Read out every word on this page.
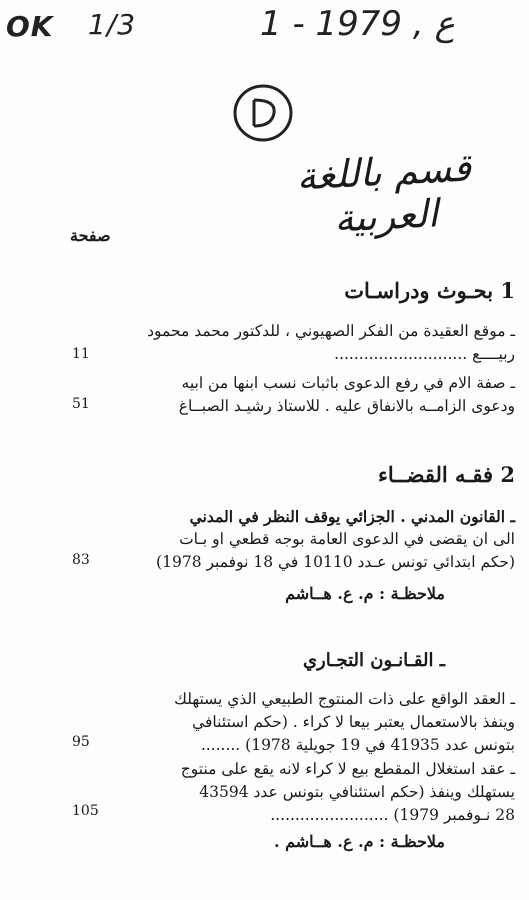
OK 1/3	1 - ع , 1979
قسم باللغة العربية
صفحة
1 بحـوث ودراسـات
ـ موقع العقيدة من الفكر الصهيوني ، للدكتور محمد محمود
ربيــــع ...........................
11
ـ صفة الام في رفع الدعوى باثبات نسب ابنها من ابيه
ودعوى الزامــه بالانفاق عليه . للاستاذ رشيـد الصبــاغ
51
2 فقـه القضــاء
ـ القانون المدني . الجزائي يوقف النظر في المدني
الى ان يقضى في الدعوى العامة بوجه قطعي او بـات
(حكم ابتدائي تونس عـدد 10110 في 18 نوفمبر 1978)
83
ملاحظـة : م. ع. هــاشم
ـ القـانـون التجـاري
ـ العقد الواقع على ذات المنتوج الطبيعي الذي يستهلك
وينفذ بالاستعمال يعتبر بيعا لا كراء . (حكم استئنافي
بتونس عدد 41935 في 19 جويلية 1978) ........
95
ـ عقد استغلال المقطع بيع لا كراء لانه يقع على منتوج
يستهلك وينفذ (حكم استئنافي بتونس عدد 43594
28 نـوفمبر 1979) ........................
105
ملاحظـة : م. ع. هــاشم .
